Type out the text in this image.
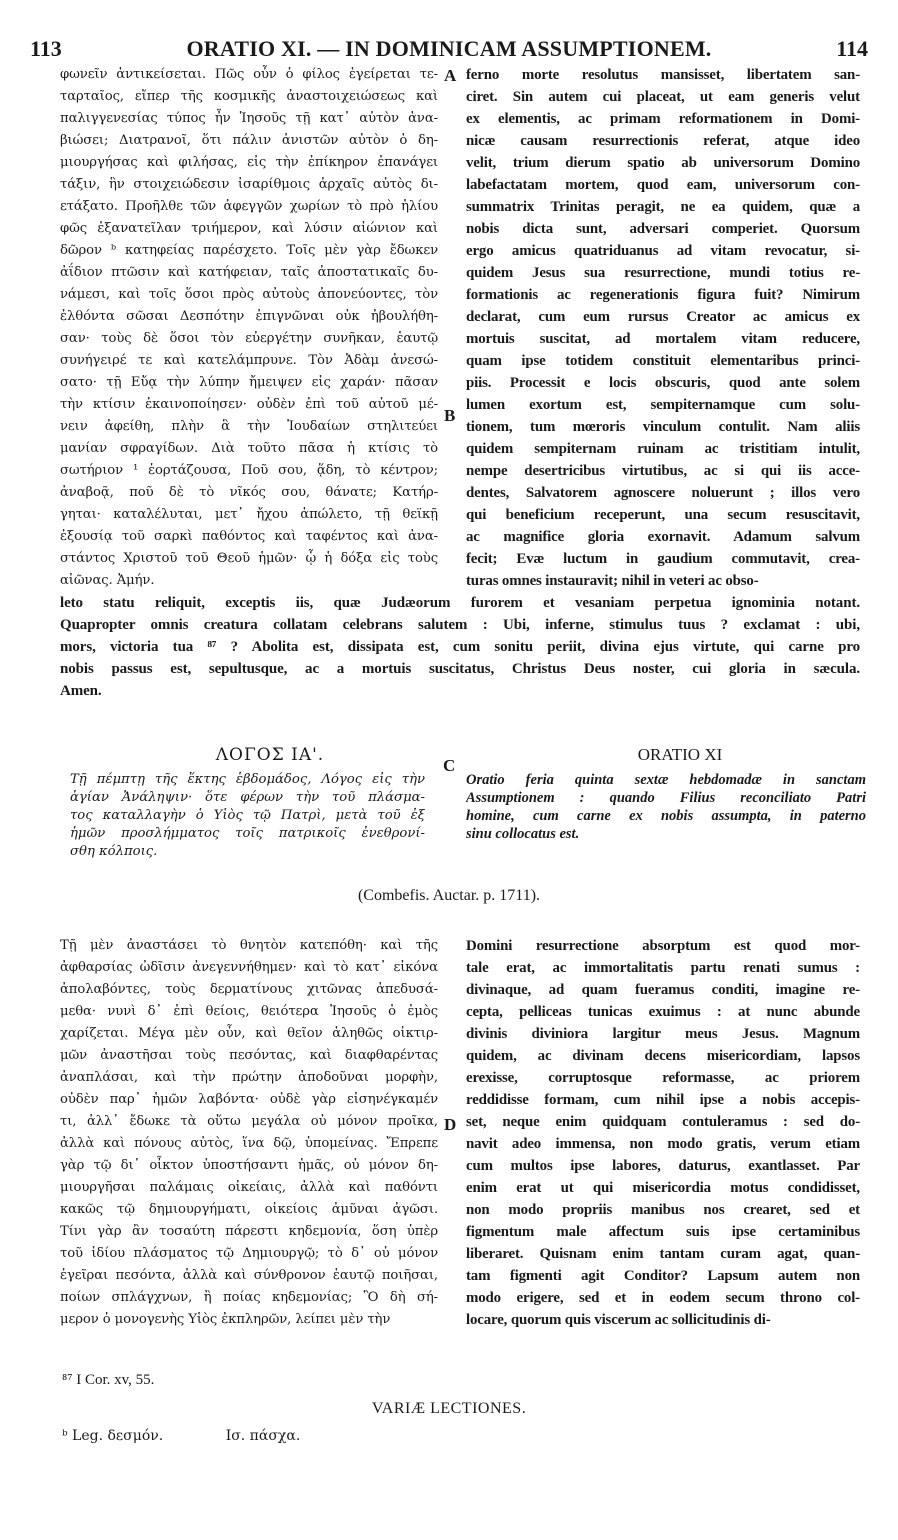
113	ORATIO XI. — IN DOMINICAM ASSUMPTIONEM.	114
φωνεῖν ἀντικείσεται. Πῶς οὖν ὁ φίλος ἐγείρεται τε-
ταρταῖος, εἴπερ τῆς κοσμικῆς ἀναστοιχειώσεως καὶ
παλιγγενεσίας τύπος ἦν Ἰησοῦς τῇ κατ᾽ αὐτὸν ἀνα-
βιώσει; Διατρανοῖ, ὅτι πάλιν ἀνιστῶν αὐτὸν ὁ δη-
μιουργήσας καὶ φιλήσας, εἰς τὴν ἐπίκηρον ἐπανάγει
τάξιν, ἣν στοιχειώδεσιν ἰσαρίθμοις ἀρχαῖς αὐτὸς δι-
ετάξατο. Προῆλθε τῶν ἀφεγγῶν χωρίων τὸ πρὸ ἡλίου
φῶς ἐξανατεῖλαν τριήμερον, καὶ λύσιν αἰώνιον καὶ
δῶρον ᵇ κατηφείας παρέσχετο. Τοῖς μὲν γὰρ ἔδωκεν
ἀΐδιον πτῶσιν καὶ κατήφειαν, ταῖς ἀποστατικαῖς δυ-
νάμεσι, καὶ τοῖς ὅσοι πρὸς αὐτοὺς ἀπονεύοντες, τὸν
ἐλθόντα σῶσαι Δεσπότην ἐπιγνῶναι οὐκ ἠβουλήθη-
σαν· τοὺς δὲ ὅσοι τὸν εὐεργέτην συνῆκαν, ἑαυτῷ
συνήγειρέ τε καὶ κατελάμπρυνε. Τὸν Ἀδὰμ ἀνεσώ-
σατο· τῇ Εὔᾳ τὴν λύπην ἤμειψεν εἰς χαράν· πᾶσαν
τὴν κτίσιν ἐκαινοποίησεν· οὐδὲν ἐπὶ τοῦ αὐτοῦ μέ-
νειν ἀφείθη, πλὴν ἃ τὴν Ἰουδαίων στηλιτεύει
μανίαν σφραγίδων. Διὰ τοῦτο πᾶσα ἡ κτίσις τὸ
σωτήριον ¹ ἑορτάζουσα, Ποῦ σου, ᾅδη, τὸ κέντρον;
ἀναβοᾷ, ποῦ δὲ τὸ νῖκός σου, θάνατε; Κατήρ-
γηται· καταλέλυται, μετ᾽ ἤχου ἀπώλετο, τῇ θεϊκῇ
ἐξουσίᾳ τοῦ σαρκὶ παθόντος καὶ ταφέντος καὶ ἀνα-
στάντος Χριστοῦ τοῦ Θεοῦ ἡμῶν· ᾧ ἡ δόξα εἰς τοὺς
αἰῶνας. Ἀμήν.
ferno morte resolutus mansisset, libertatem san-
ciret. Sin autem cui placeat, ut eam generis velut
ex elementis, ac primam reformationem in Domi-
nicæ causam resurrectionis referat, atque ideo
velit, trium dierum spatio ab universorum Domino
labefactatam mortem, quod eam, universorum con-
summatrix Trinitas peragit, ne ea quidem, quæ a
nobis dicta sunt, adversari comperiet. Quorsum
ergo amicus quatriduanus ad vitam revocatur, si-
quidem Jesus sua resurrectione, mundi totius re-
formationis ac regenerationis figura fuit? Nimirum
declarat, cum eum rursus Creator ac amicus ex
mortuis suscitat, ad mortalem vitam reducere,
quam ipse totidem constituit elementaribus princi-
piis. Processit e locis obscuris, quod ante solem
lumen exortum est, sempiternamque cum solu-
tionem, tum mœroris vinculum contulit. Nam aliis
quidem sempiternam ruinam ac tristitiam intulit,
nempe desertricibus virtutibus, ac si qui iis acce-
dentes, Salvatorem agnoscere noluerunt ; illos vero
qui beneficium receperunt, una secum resuscitavit,
ac magnifice gloria exornavit. Adamum salvum
fecit; Evæ luctum in gaudium commutavit, crea-
turas omnes instauravit; nihil in veteri ac obso-
A
B
leto statu reliquit, exceptis iis, quæ Judæorum furorem et vesaniam perpetua ignominia notant.
Quapropter omnis creatura collatam celebrans salutem : Ubi, inferne, stimulus tuus ? exclamat : ubi,
mors, victoria tua ⁸⁷ ? Abolita est, dissipata est, cum sonitu periit, divina ejus virtute, qui carne pro
nobis passus est, sepultusque, ac a mortuis suscitatus, Christus Deus noster, cui gloria in sæcula.
Amen.
ΛΟΓΟΣ ΙΑ'.
C
ORATIO XI
Τῇ πέμπτῃ τῆς ἕκτης ἑβδομάδος, Λόγος εἰς τὴν
ἁγίαν Ἀνάληψιν· ὅτε φέρων τὴν τοῦ πλάσμα-
τος καταλλαγὴν ὁ Υἱὸς τῷ Πατρὶ, μετὰ τοῦ ἐξ
ἡμῶν προσλήμματος τοῖς πατρικοῖς ἐνεθρονί-
σθη κόλποις.
Oratio feria quinta sextæ hebdomadæ in sanctam
Assumptionem : quando Filius reconciliato Patri
homine, cum carne ex nobis assumpta, in paterno
sinu collocatus est.
(Combefis. Auctar. p. 1711).
Τῇ μὲν ἀναστάσει τὸ θνητὸν κατεπόθη· καὶ τῆς
ἀφθαρσίας ὠδῖσιν ἀνεγεννήθημεν· καὶ τὸ κατ᾽ εἰκόνα
ἀπολαβόντες, τοὺς δερματίνους χιτῶνας ἀπεδυσά-
μεθα· νυνὶ δ᾽ ἐπὶ θείοις, θειότερα Ἰησοῦς ὁ ἐμὸς
χαρίζεται. Μέγα μὲν οὖν, καὶ θεῖον ἀληθῶς οἰκτιρ-
μῶν ἀναστῆσαι τοὺς πεσόντας, καὶ διαφθαρέντας
ἀναπλάσαι, καὶ τὴν πρώτην ἀποδοῦναι μορφὴν,
οὐδὲν παρ᾽ ἡμῶν λαβόντα· οὐδὲ γὰρ εἰσηνέγκαμέν
τι, ἀλλ᾽ ἔδωκε τὰ οὕτω μεγάλα οὐ μόνον προῖκα,
ἀλλὰ καὶ πόνους αὐτὸς, ἵνα δῷ, ὑπομείνας. Ἔπρεπε
γὰρ τῷ δι᾽ οἶκτον ὑποστήσαντι ἡμᾶς, οὐ μόνον δη-
μιουργῆσαι παλάμαις οἰκείαις, ἀλλὰ καὶ παθόντι
κακῶς τῷ δημιουργήματι, οἰκείοις ἀμῦναι ἀγῶσι.
Τίνι γὰρ ἂν τοσαύτη πάρεστι κηδεμονία, ὅση ὑπὲρ
τοῦ ἰδίου πλάσματος τῷ Δημιουργῷ; τὸ δ᾽ οὐ μόνον
ἐγεῖραι πεσόντα, ἀλλὰ καὶ σύνθρονον ἑαυτῷ ποιῆσαι,
ποίων σπλάγχνων, ἢ ποίας κηδεμονίας; Ὃ δὴ σή-
μερον ὁ μονογενὴς Υἱὸς ἐκπληρῶν, λείπει μὲν τὴν
Domini resurrectione absorptum est quod mor-
tale erat, ac immortalitatis partu renati sumus :
divinaque, ad quam fueramus conditi, imagine re-
cepta, pelliceas tunicas exuimus : at nunc abunde
divinis diviniora largitur meus Jesus. Magnum
quidem, ac divinam decens misericordiam, lapsos
erexisse, corruptosque reformasse, ac priorem
reddidisse formam, cum nihil ipse a nobis accepis-
set, neque enim quidquam contuleramus : sed do-
navit adeo immensa, non modo gratis, verum etiam
cum multos ipse labores, daturus, exantlasset. Par
enim erat ut qui misericordia motus condidisset,
non modo propriis manibus nos crearet, sed et
figmentum male affectum suis ipse certaminibus
liberaret. Quisnam enim tantam curam agat, quan-
tam figmenti agit Conditor? Lapsum autem non
modo erigere, sed et in eodem secum throno col-
locare, quorum quis viscerum ac sollicitudinis di-
D
⁸⁷ I Cor. xv, 55.
VARIÆ LECTIONES.
ᵇ Leg. δεσμόν.	Ισ. πάσχα.
